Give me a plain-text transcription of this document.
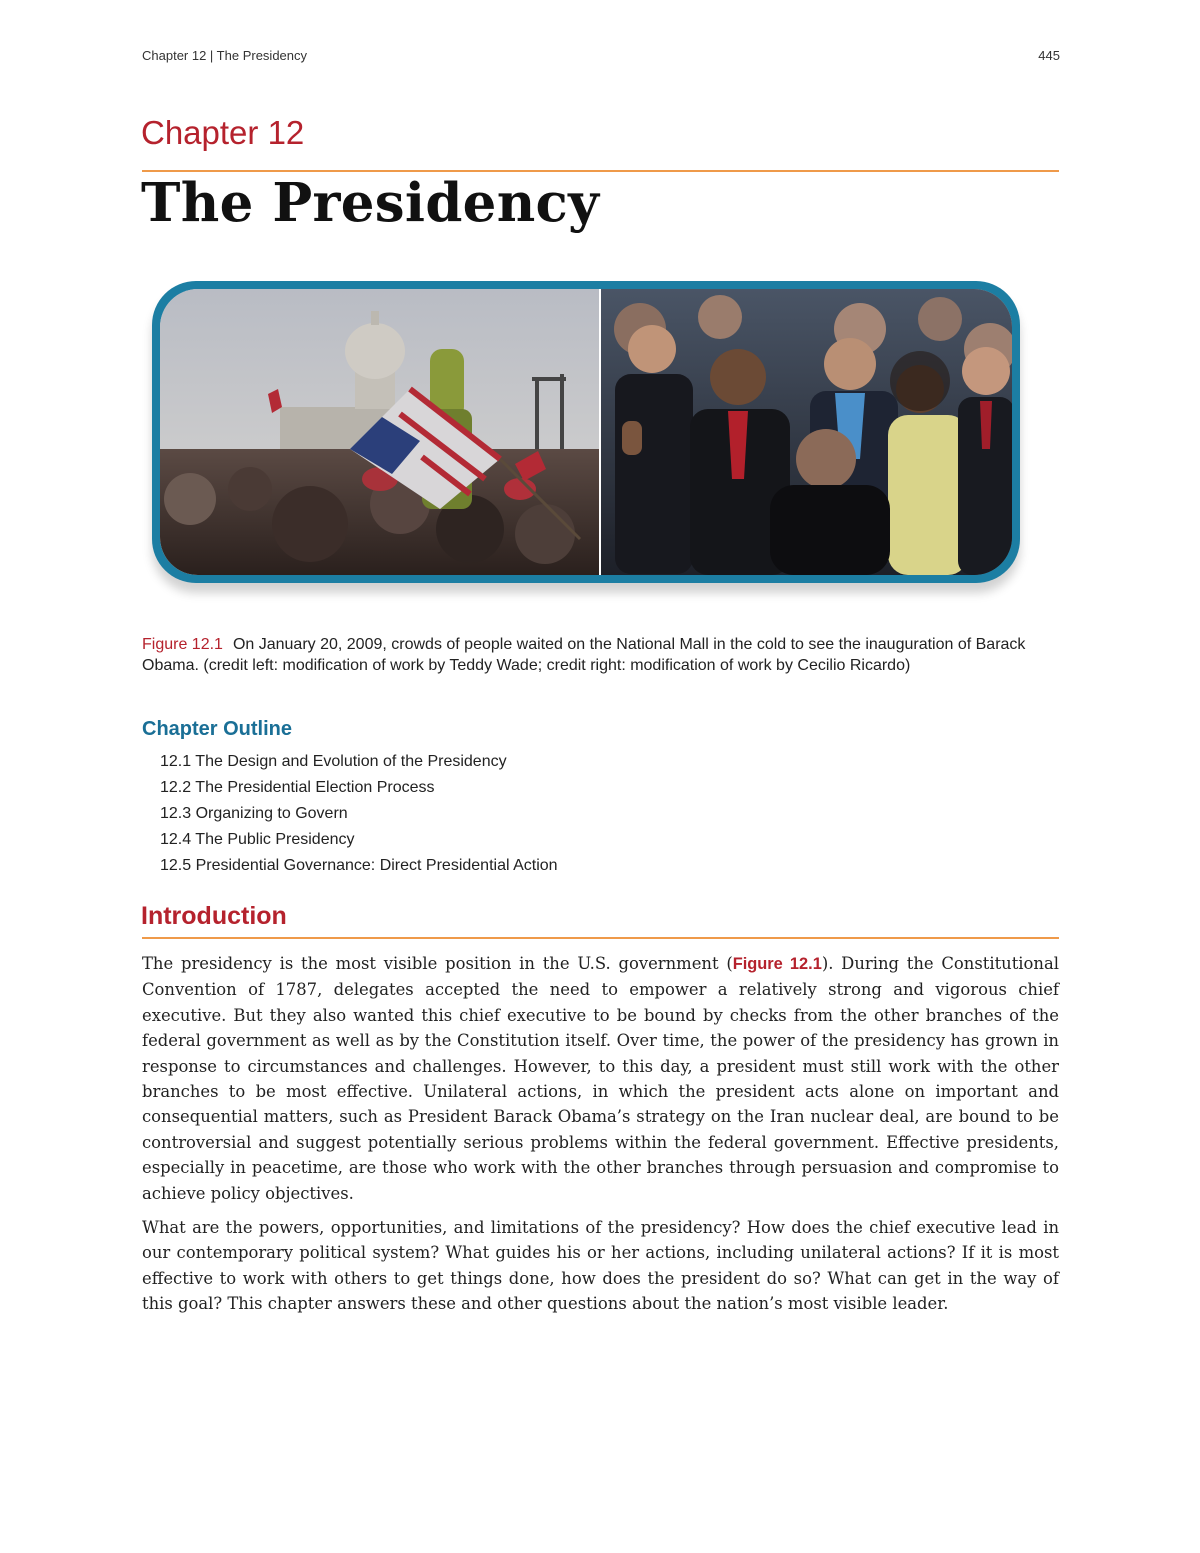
Chapter 12 | The Presidency	445
Chapter 12
The Presidency
Figure 12.1 On January 20, 2009, crowds of people waited on the National Mall in the cold to see the inauguration of Barack Obama. (credit left: modification of work by Teddy Wade; credit right: modification of work by Cecilio Ricardo)
Chapter Outline
12.1 The Design and Evolution of the Presidency
12.2 The Presidential Election Process
12.3 Organizing to Govern
12.4 The Public Presidency
12.5 Presidential Governance: Direct Presidential Action
Introduction

The presidency is the most visible position in the U.S. government (Figure 12.1). During the Constitutional Convention of 1787, delegates accepted the need to empower a relatively strong and vigorous chief executive. But they also wanted this chief executive to be bound by checks from the other branches of the federal government as well as by the Constitution itself. Over time, the power of the presidency has grown in response to circumstances and challenges. However, to this day, a president must still work with the other branches to be most effective. Unilateral actions, in which the president acts alone on important and consequential matters, such as President Barack Obama’s strategy on the Iran nuclear deal, are bound to be controversial and suggest potentially serious problems within the federal government. Effective presidents, especially in peacetime, are those who work with the other branches through persuasion and compromise to achieve policy objectives.

What are the powers, opportunities, and limitations of the presidency? How does the chief executive lead in our contemporary political system? What guides his or her actions, including unilateral actions? If it is most effective to work with others to get things done, how does the president do so? What can get in the way of this goal? This chapter answers these and other questions about the nation’s most visible leader.
